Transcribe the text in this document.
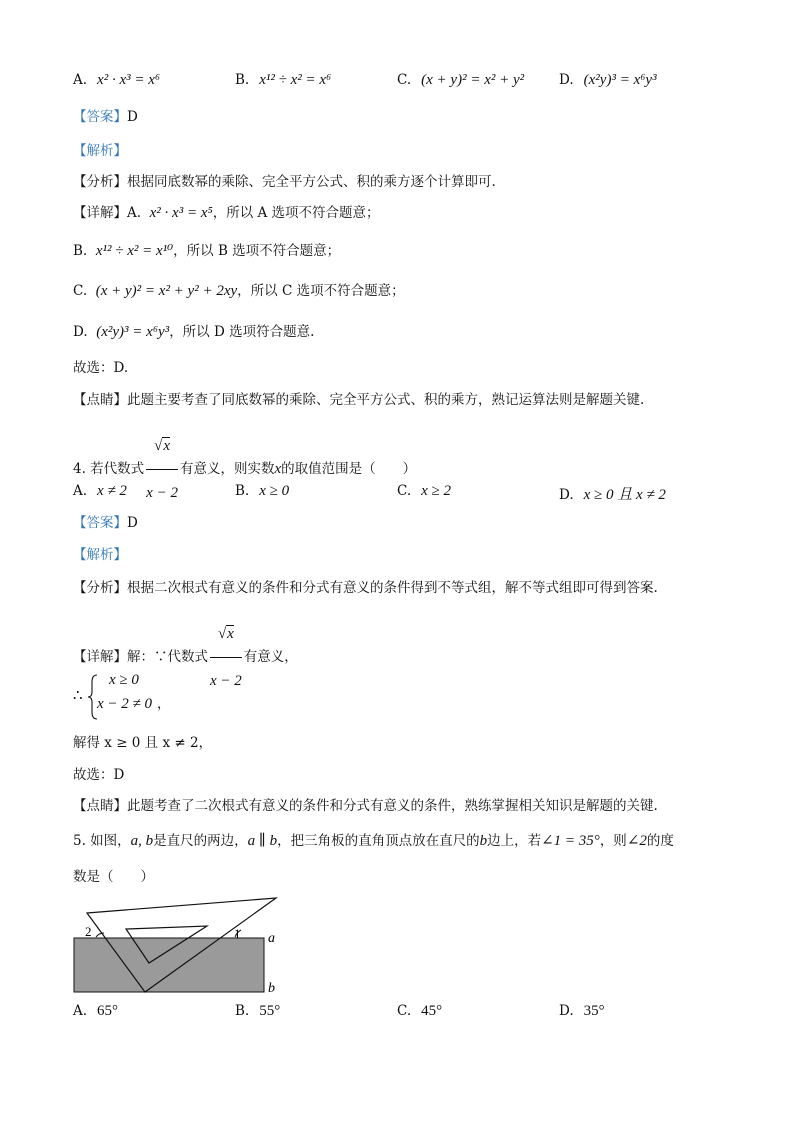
A. x² · x³ = x⁶	B. x¹² ÷ x² = x⁶	C. (x + y)² = x² + y²	D. (x²y)³ = x⁶y³
【答案】D
【解析】
【分析】根据同底数幂的乘除、完全平方公式、积的乘方逐个计算即可.
【详解】A. x² · x³ = x⁵，所以 A 选项不符合题意；
B. x¹² ÷ x² = x¹⁰，所以 B 选项不符合题意；
C. (x + y)² = x² + y² + 2xy，所以 C 选项不符合题意；
D. (x²y)³ = x⁶y³，所以 D 选项符合题意.
故选：D.
【点睛】此题主要考查了同底数幂的乘除、完全平方公式、积的乘方，熟记运算法则是解题关键.
4. 若代数式 $\frac{√x}{x - 2}$ 有意义，则实数x的取值范围是（　　）
A. x ≠ 2	B. x ≥ 0	C. x ≥ 2	D. x ≥ 0 且 x ≠ 2
【答案】D
【解析】
【分析】根据二次根式有意义的条件和分式有意义的条件得到不等式组，解不等式组即可得到答案.
【详解】解：∵代数式 $\frac{√x}{x - 2}$ 有意义，
∴
x ≥ 0
x − 2 ≠ 0 ，
解得 x ≥ 0 且 x ≠ 2，
故选：D
【点睛】此题考查了二次根式有意义的条件和分式有意义的条件，熟练掌握相关知识是解题的关键.
5. 如图，a, b是直尺的两边，a ∥ b，把三角板的直角顶点放在直尺的b边上，若∠1 = 35°，则∠2的度
数是（　　）
2	1 a
b
A. 65°	B. 55°	C. 45°	D. 35°
